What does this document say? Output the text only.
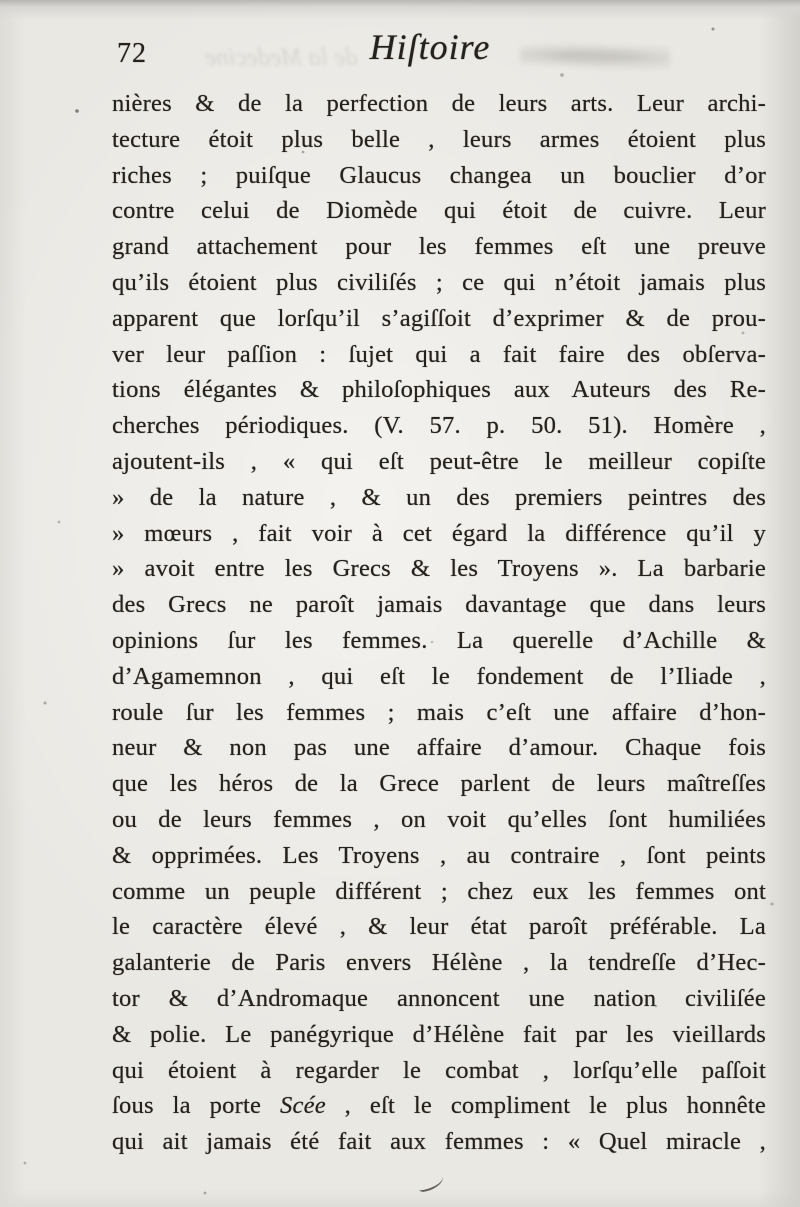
de la Medecine
72	Hiſtoire
nières & de la perfection de leurs arts. Leur archi-
tecture étoit plus belle , leurs armes étoient plus
riches ; puiſque Glaucus changea un bouclier d’or
contre celui de Diomède qui étoit de cuivre. Leur
grand attachement pour les femmes eſt une preuve
qu’ils étoient plus civiliſés ; ce qui n’étoit jamais plus
apparent que lorſqu’il s’agiſſoit d’exprimer & de prou-
ver leur paſſion : ſujet qui a fait faire des obſerva-
tions élégantes & philoſophiques aux Auteurs des Re-
cherches périodiques. (V. 57. p. 50. 51). Homère ,
ajoutent-ils , « qui eſt peut-être le meilleur copiſte
» de la nature , & un des premiers peintres des
» mœurs , fait voir à cet égard la différence qu’il y
» avoit entre les Grecs & les Troyens ». La barbarie
des Grecs ne paroît jamais davantage que dans leurs
opinions ſur les femmes. La querelle d’Achille &
d’Agamemnon , qui eſt le fondement de l’Iliade ,
roule ſur les femmes ; mais c’eſt une affaire d’hon-
neur & non pas une affaire d’amour. Chaque fois
que les héros de la Grece parlent de leurs maîtreſſes
ou de leurs femmes , on voit qu’elles ſont humiliées
& opprimées. Les Troyens , au contraire , ſont peints
comme un peuple différent ; chez eux les femmes ont
le caractère élevé , & leur état paroît préférable. La
galanterie de Paris envers Hélène , la tendreſſe d’Hec-
tor & d’Andromaque annoncent une nation civiliſée
& polie. Le panégyrique d’Hélène fait par les vieillards
qui étoient à regarder le combat , lorſqu’elle paſſoit
ſous la porte Scée , eſt le compliment le plus honnête
qui ait jamais été fait aux femmes : « Quel miracle ,
